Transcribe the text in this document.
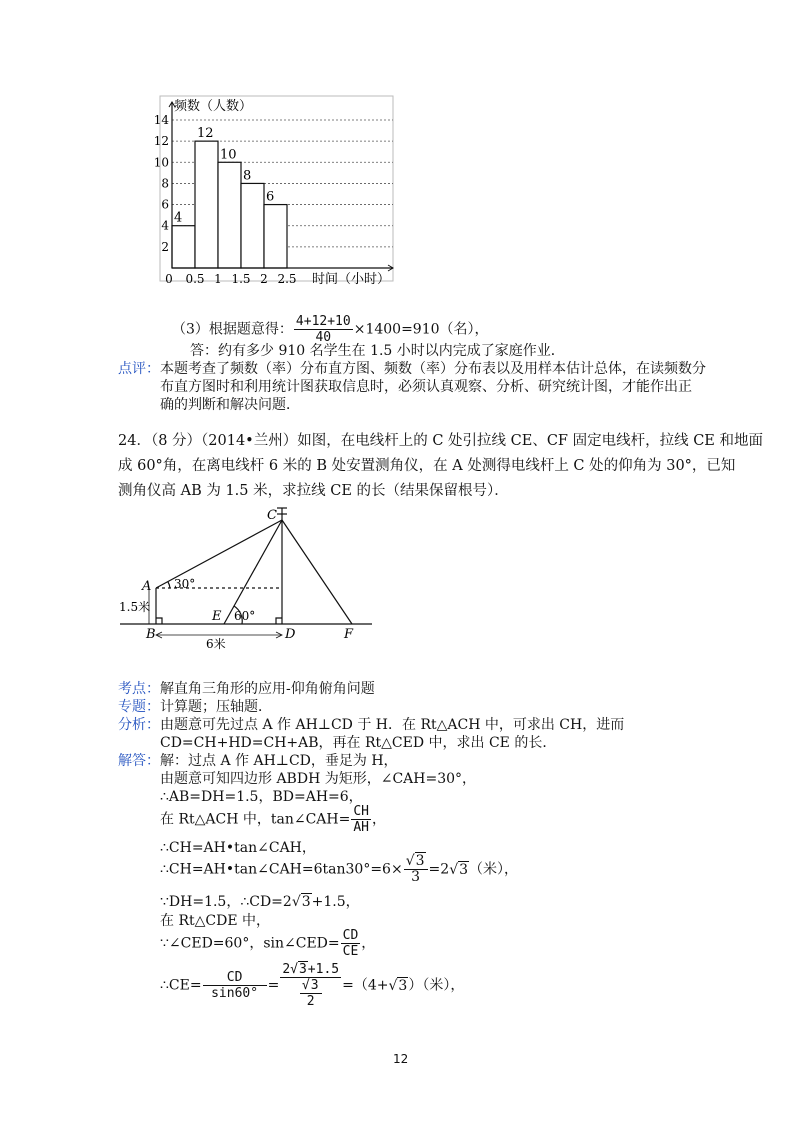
4
12
10
8
6
2
4
6
8
10
12
14
0 0.5 1 1.5 2 2.5
频数（人数）
时间（小时）
（3）根据题意得： $\frac{4+12+10}{40} \times 1400=910$（名），
答：约有多少 910 名学生在 1.5 小时以内完成了家庭作业．
点评： 本题考查了频数（率）分布直方图、频数（率）分布表以及用样本估计总体，在读频数分
布直方图时和利用统计图获取信息时，必须认真观察、分析、研究统计图，才能作出正
确的判断和解决问题．
24．（8 分）（2014•兰州）如图，在电线杆上的 C 处引拉线 CE、CF 固定电线杆，拉线 CE 和地面
成 60°角，在离电线杆 6 米的 B 处安置测角仪，在 A 处测得电线杆上 C 处的仰角为 30°，已知
测角仪高 AB 为 1.5 米，求拉线 CE 的长（结果保留根号）．
C
A
B
E
D	F
30°
60°
1.5米
6米
考点： 解直角三角形的应用-仰角俯角问题
专题： 计算题；压轴题．
分析： 由题意可先过点 A 作 AH⊥CD 于 H．在 Rt△ACH 中，可求出 CH，进而
CD=CH+HD=CH+AB，再在 Rt△CED 中，求出 CE 的长．
解答： 解：过点 A 作 AH⊥CD，垂足为 H，
由题意可知四边形 ABDH 为矩形，∠CAH=30°，
∴AB=DH=1.5，BD=AH=6，
在 Rt△ACH 中，tan∠CAH= $\frac{CH}{AH}$ ，
∴CH=AH•tan∠CAH，
∴CH=AH•tan∠CAH=6tan30°=6× $\frac{√3}{3} =2√3$（米），
∵DH=1.5，∴CD=2√3+1.5，
在 Rt△CDE 中，
∵∠CED=60°，sin∠CED= $\frac{CD}{CE}$ ，
∴CE= $\frac{CD}{\sin 60^\circ} = \frac{2√3+1.5}{\frac{√3}{2}} =(4+√3)$（米），
12
